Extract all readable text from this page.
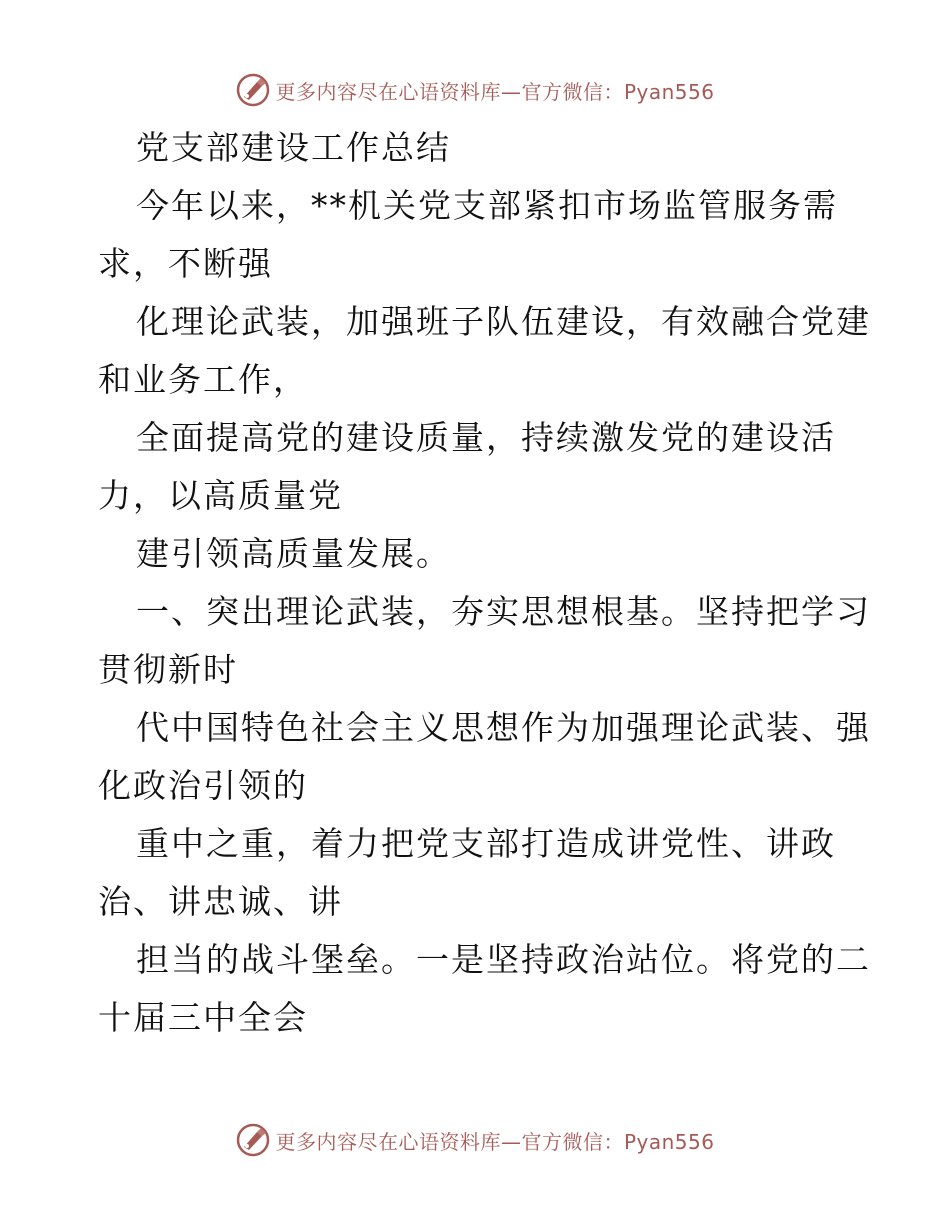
更多内容尽在心语资料库—官方微信：Pyan556
党支部建设工作总结
今年以来，**机关党支部紧扣市场监管服务需
求，不断强
化理论武装，加强班子队伍建设，有效融合党建
和业务工作，
全面提高党的建设质量，持续激发党的建设活
力，以高质量党
建引领高质量发展。
一、突出理论武装，夯实思想根基。坚持把学习
贯彻新时
代中国特色社会主义思想作为加强理论武装、强
化政治引领的
重中之重，着力把党支部打造成讲党性、讲政
治、讲忠诚、讲
担当的战斗堡垒。一是坚持政治站位。将党的二
十届三中全会
更多内容尽在心语资料库—官方微信：Pyan556
